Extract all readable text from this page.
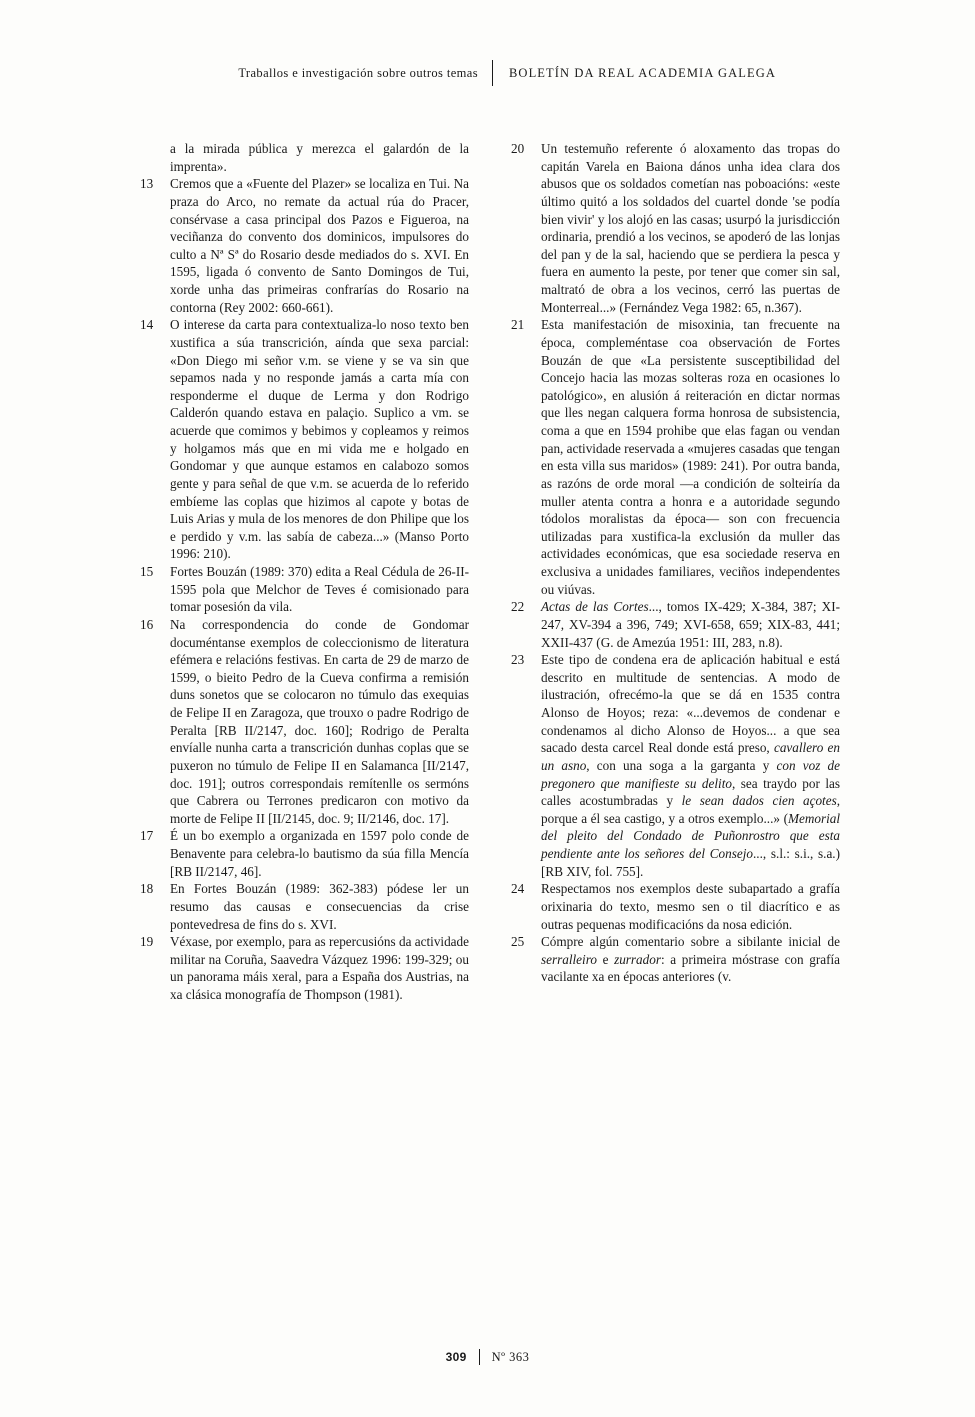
Traballos e investigación sobre outros temas	BOLETÍN DA REAL ACADEMIA GALEGA
a la mirada pública y merezca el galardón de la imprenta».
13	Cremos que a «Fuente del Plazer» se localiza en Tui. Na praza do Arco, no remate da actual rúa do Pracer, consérvase a casa principal dos Pazos e Figueroa, na veciñanza do convento dos dominicos, impulsores do culto a Nª Sª do Rosario desde mediados do s. XVI. En 1595, ligada ó convento de Santo Domingos de Tui, xorde unha das primeiras confrarías do Rosario na contorna (Rey 2002: 660-661).
14	O interese da carta para contextualiza-lo noso texto ben xustifica a súa transcrición, aínda que sexa parcial: «Don Diego mi señor v.m. se viene y se va sin que sepamos nada y no responde jamás a carta mía con responderme el duque de Lerma y don Rodrigo Calderón quando estava en palaçio. Suplico a vm. se acuerde que comimos y bebimos y copleamos y reimos y holgamos más que en mi vida me e holgado en Gondomar y que aunque estamos en calabozo somos gente y para señal de que v.m. se acuerda de lo referido embíeme las coplas que hizimos al capote y botas de Luis Arias y mula de los menores de don Philipe que los e perdido y v.m. las sabía de cabeza...» (Manso Porto 1996: 210).
15	Fortes Bouzán (1989: 370) edita a Real Cédula de 26-II-1595 pola que Melchor de Teves é comisionado para tomar posesión da vila.
16	Na correspondencia do conde de Gondomar documéntanse exemplos de coleccionismo de literatura efémera e relacións festivas. En carta de 29 de marzo de 1599, o bieito Pedro de la Cueva confirma a remisión duns sonetos que se colocaron no túmulo das exequias de Felipe II en Zaragoza, que trouxo o padre Rodrigo de Peralta [RB II/2147, doc. 160]; Rodrigo de Peralta envíalle nunha carta a transcrición dunhas coplas que se puxeron no túmulo de Felipe II en Salamanca [II/2147, doc. 191]; outros correspondais remítenlle os sermóns que Cabrera ou Terrones predicaron con motivo da morte de Felipe II [II/2145, doc. 9; II/2146, doc. 17].
17	É un bo exemplo a organizada en 1597 polo conde de Benavente para celebra-lo bautismo da súa filla Mencía [RB II/2147, 46].
18	En Fortes Bouzán (1989: 362-383) pódese ler un resumo das causas e consecuencias da crise pontevedresa de fins do s. XVI.
19	Véxase, por exemplo, para as repercusións da actividade militar na Coruña, Saavedra Vázquez 1996: 199-329; ou un panorama máis xeral, para a España dos Austrias, na xa clásica monografía de Thompson (1981).
20	Un testemuño referente ó aloxamento das tropas do capitán Varela en Baiona dános unha idea clara dos abusos que os soldados cometían nas poboacións: «este último quitó a los soldados del cuartel donde 'se podía bien vivir' y los alojó en las casas; usurpó la jurisdicción ordinaria, prendió a los vecinos, se apoderó de las lonjas del pan y de la sal, haciendo que se perdiera la pesca y fuera en aumento la peste, por tener que comer sin sal, maltrató de obra a los vecinos, cerró las puertas de Monterreal...» (Fernández Vega 1982: 65, n.367).
21	Esta manifestación de misoxinia, tan frecuente na época, compleméntase coa observación de Fortes Bouzán de que «La persistente susceptibilidad del Concejo hacia las mozas solteras roza en ocasiones lo patológico», en alusión á reiteración en dictar normas que lles negan calquera forma honrosa de subsistencia, coma a que en 1594 prohibe que elas fagan ou vendan pan, actividade reservada a «mujeres casadas que tengan en esta villa sus maridos» (1989: 241). Por outra banda, as razóns de orde moral —a condición de solteiría da muller atenta contra a honra e a autoridade segundo tódolos moralistas da época— son con frecuencia utilizadas para xustifica-la exclusión da muller das actividades económicas, que esa sociedade reserva en exclusiva a unidades familiares, veciños independentes ou viúvas.
22	Actas de las Cortes..., tomos IX-429; X-384, 387; XI-247, XV-394 a 396, 749; XVI-658, 659; XIX-83, 441; XXII-437 (G. de Amezúa 1951: III, 283, n.8).
23	Este tipo de condena era de aplicación habitual e está descrito en multitude de sentencias. A modo de ilustración, ofrecémo-la que se dá en 1535 contra Alonso de Hoyos; reza: «...devemos de condenar e condenamos al dicho Alonso de Hoyos... a que sea sacado desta carcel Real donde está preso, cavallero en un asno, con una soga a la garganta y con voz de pregonero que manifieste su delito, sea traydo por las calles acostumbradas y le sean dados cien açotes, porque a él sea castigo, y a otros exemplo...» (Memorial del pleito del Condado de Puñonrostro que esta pendiente ante los señores del Consejo..., s.l.: s.i., s.a.) [RB XIV, fol. 755].
24	Respectamos nos exemplos deste subapartado a grafía orixinaria do texto, mesmo sen o til diacrítico e as outras pequenas modificacións da nosa edición.
25	Cómpre algún comentario sobre a sibilante inicial de serralleiro e zurrador: a primeira móstrase con grafía vacilante xa en épocas anteriores (v.
309	Nº 363
